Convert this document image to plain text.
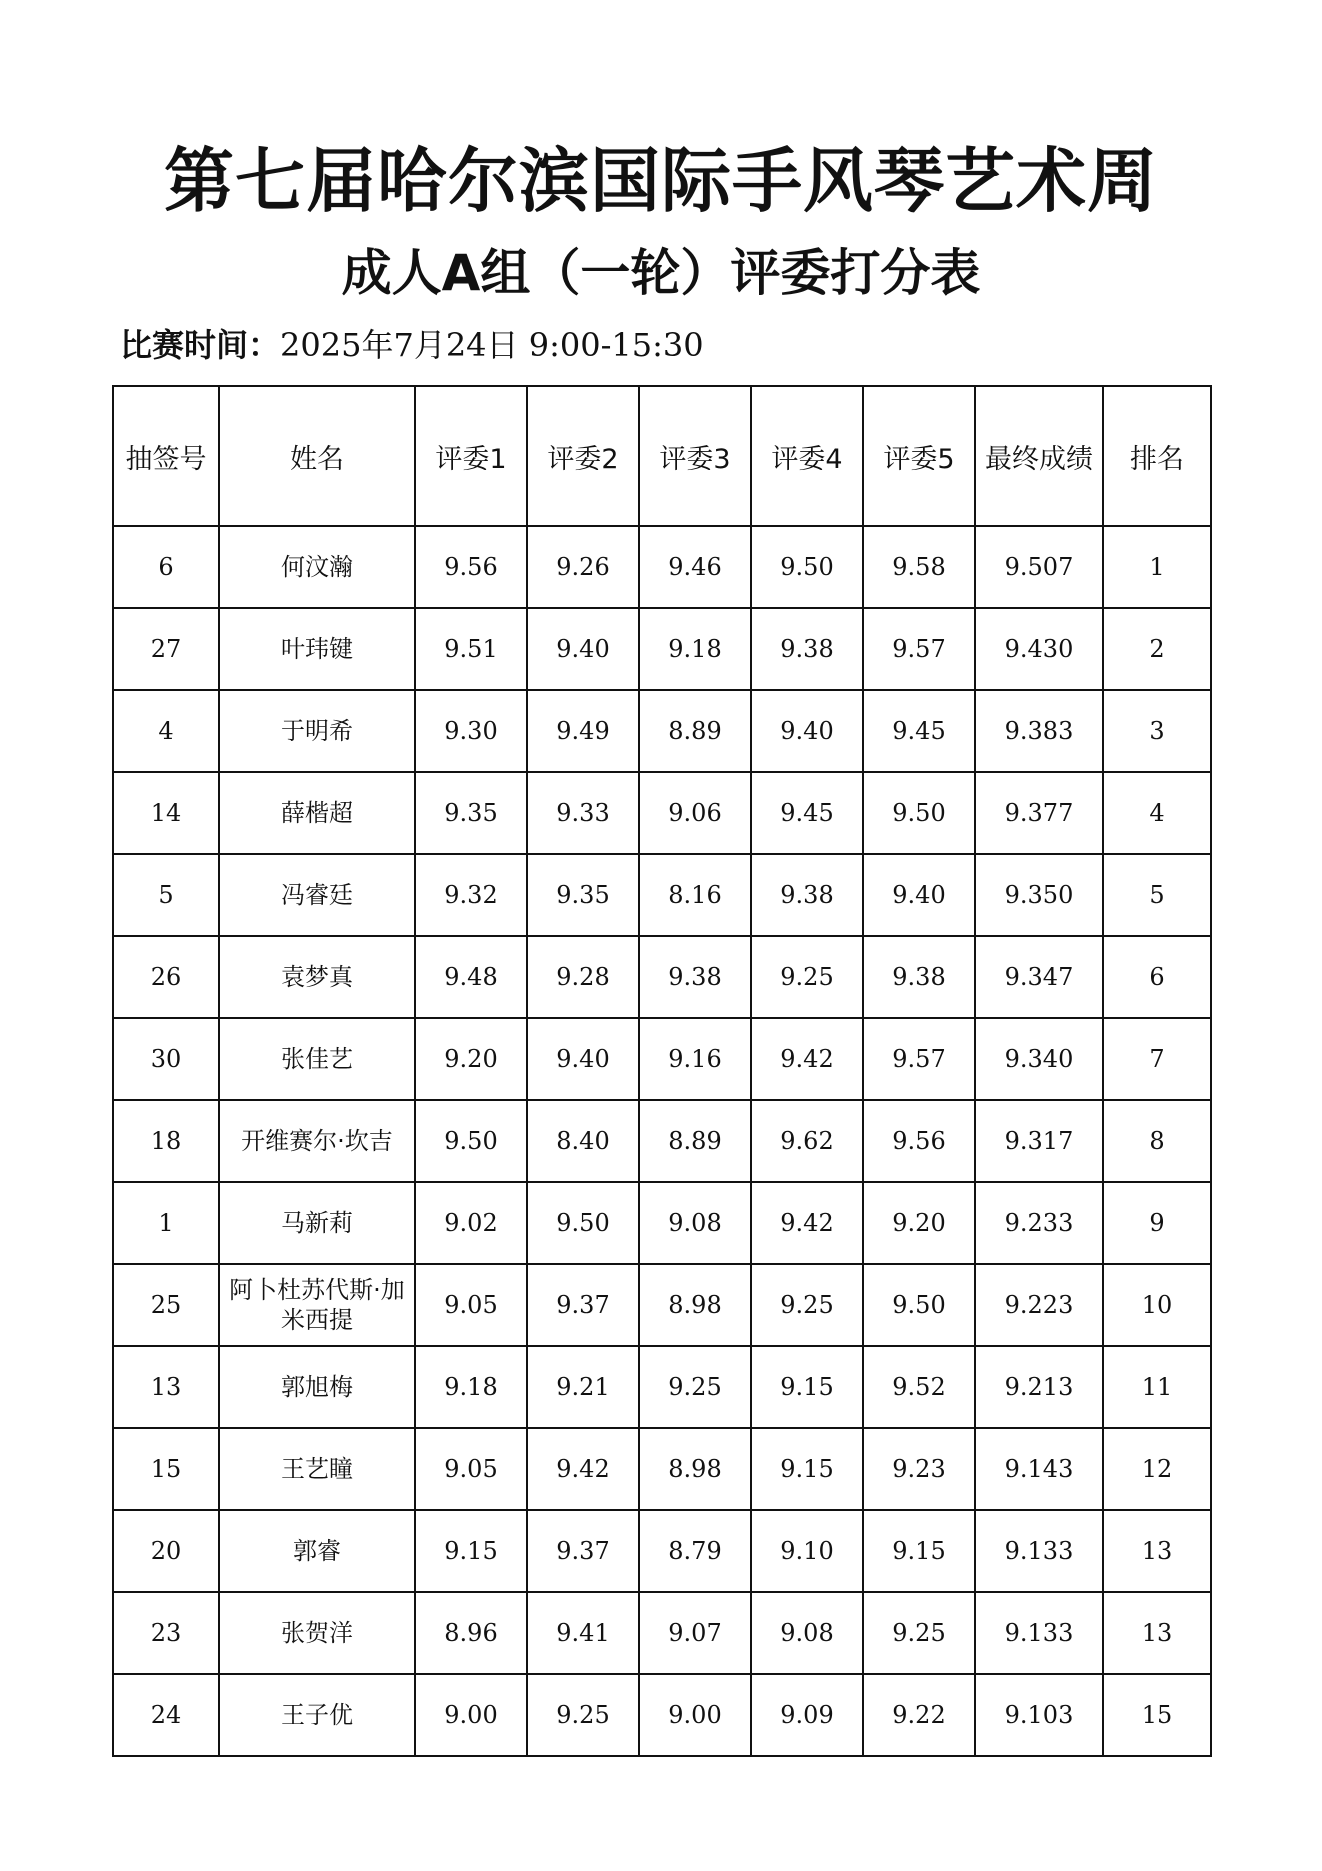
第七届哈尔滨国际手风琴艺术周
成人A组（一轮）评委打分表
比赛时间：2025年7月24日 9:00-15:30
抽签号	姓名	评委1	评委2	评委3	评委4	评委5	最终成绩	排名
6	何汶瀚	9.56	9.26	9.46	9.50	9.58	9.507	1
27	叶玮键	9.51	9.40	9.18	9.38	9.57	9.430	2
4	于明希	9.30	9.49	8.89	9.40	9.45	9.383	3
14	薛楷超	9.35	9.33	9.06	9.45	9.50	9.377	4
5	冯睿廷	9.32	9.35	8.16	9.38	9.40	9.350	5
26	袁梦真	9.48	9.28	9.38	9.25	9.38	9.347	6
30	张佳艺	9.20	9.40	9.16	9.42	9.57	9.340	7
18	开维赛尔·坎吉	9.50	8.40	8.89	9.62	9.56	9.317	8
1	马新莉	9.02	9.50	9.08	9.42	9.20	9.233	9
25	阿卜杜苏代斯·加米西提	9.05	9.37	8.98	9.25	9.50	9.223	10
13	郭旭梅	9.18	9.21	9.25	9.15	9.52	9.213	11
15	王艺瞳	9.05	9.42	8.98	9.15	9.23	9.143	12
20	郭睿	9.15	9.37	8.79	9.10	9.15	9.133	13
23	张贺洋	8.96	9.41	9.07	9.08	9.25	9.133	13
24	王子优	9.00	9.25	9.00	9.09	9.22	9.103	15
